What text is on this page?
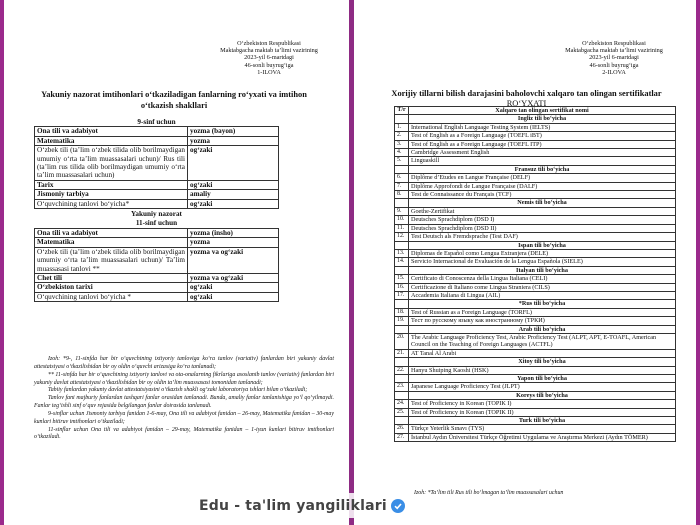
O‘zbekiston Respublikasi
Maktabgacha maktab ta’limi vazirining
2023-yil 6-martdagi
46-sonli buyrug‘iga
1-ILOVA
Yakuniy nazorat imtihonlari o‘tkaziladigan fanlarning ro‘yxati va imtihon o‘tkazish shakllari
9-sinf uchun	
Ona tili va adabiyot	yozma (bayon)
Matematika	yozma
O‘zbek tili (ta’lim o‘zbek tilida olib borilmaydigan umumiy o‘rta ta’lim muassasalari uchun)/ Rus tili (ta’lim rus tilida olib borilmaydigan umumiy o‘rta ta’lim muassasalari uchun)	og‘zaki
Tarix	og‘zaki
Jismoniy tarbiya	amaliy
O‘quvchining tanlovi bo‘yicha*	og‘zaki
Yakuniy nazorat	
11-sinf uchun	
Ona tili va adabiyot	yozma (insho)
Matematika	yozma
O‘zbek tili (ta’lim o‘zbek tilida olib borilmaydigan umumiy o‘rta ta’lim muassasalari uchun)/ Ta’lim muassasasi tanlovi **	yozma va og‘zaki
Chet tili	yozma va og‘zaki
O‘zbekiston tarixi	og‘zaki
O‘quvchining tanlovi bo‘yicha *	og‘zaki

Izoh: *9-, 11-sinfda har bir o‘quvchining ixtiyoriy tanloviga ko‘ra tanlov (variativ) fanlardan biri yakuniy davlat attestatsiyasi o‘tkazilishidan bir oy oldin o‘quvchi arizasiga ko‘ra tanlanadi;

** 11-sinfda har bir o‘quvchining ixtiyoriy tanlovi va ota-onalarning fikrlariga asoslanib tanlov (variativ) fanlardan biri yakuniy davlat attestatsiyasi o‘tkazilishidan bir oy oldin ta’lim muassasasi tomonidan tanlanadi;

Tabiiy fanlardan yakuniy davlat attestatsiyasini o‘tkazish shakli og‘zaki laboratoriya ishlari bilan o‘tkaziladi;

Tanlov fani majburiy fanlardan tashqari fanlar orasidan tanlanadi. Bunda, amaliy fanlar tanlanishiga yo‘l qo‘yilmaydi. Fanlar teg‘ishli sinf o‘quv rejasida belgilangan fanlar doirasida tanlanadi.

9-sinflar uchun Jismoniy tarbiya fanidan 1-6-may, Ona tili va adabiyot fanidan – 26-may, Matematika fanidan – 30-may kunlari bitiruv imtihonlari o‘tkaziladi;

11-sinflar uchun Ona tili va adabiyot fanidan – 29-may, Matematika fanidan – 1-iyun kunlari bitiruv imtihonlari o‘tkaziladi.

O‘zbekiston Respublikasi
Maktabgacha maktab ta’limi vazirining
2023-yil 6-martdagi
46-sonli buyrug‘iga
2-ILOVA
Xorijiy tillarni bilish darajasini baholovchi xalqaro tan olingan sertifikatlar
RO‘YXATI
T/r	Xalqaro tan olingan sertifikat nomi
	Ingliz tili bo‘yicha
1.	International English Language Testing System (IELTS)
2.	Test of English as a Foreign Language (TOEFL iBT)
3.	Test of English as a Foreign Language (TOEFL ITP)
4.	Cambridge Assessment English
5.	Linguaskill
	Fransuz tili bo‘yicha
6.	Diplôme d’Etudes en Langue Française (DELF)
7.	Diplôme Approfondi de Langue Française (DALF)
8.	Test de Connaissance du Français (TCF)
	Nemis tili bo‘yicha
9.	Goethe-Zertifikat
10.	Deutsches Sprachdiplom (DSD I)
11.	Deutsches Sprachdiplom (DSD II)
12.	Test Deutsch als Fremdsprache (Test DAF)
	Ispan tili bo‘yicha
13.	Diplomas de Español como Lengua Extranjera (DELE)
14.	Servicio Internacional de Evaluación de la Lengua Española (SIELE)
	Italyan tili bo‘yicha
15.	Certificato di Conoscenza della Lingua Italiana (CELI)
16.	Certificazione di Italiano come Lingua Straniera (CILS)
17.	Accademia Italiana di Lingua (AIL)
	*Rus tili bo‘yicha
18.	Test of Russian as a Foreign Language (TORFL)
19.	Тест по русскому языку как иностранному (ТРКИ)
	Arab tili bo‘yicha
20.	The Arabic Language Proficiency Test, Arabic Proficiency Test (ALPT, APT, E-TOAFL, American Council on the Teaching of Foreign Languages (ACTFL)
21.	AT Tanal Al Arabi
	Xitoy tili bo‘yicha
22.	Hanyu Shuiping Kaoshi (HSK)
	Yapon tili bo‘yicha
23.	Japanese Language Proficiency Test (JLPT)
	Koreys tili bo‘yicha
24.	Test of Proficiency in Korean (TOPIK I)
25.	Test of Proficiency in Korean (TOPIK II)
	Turk tili bo‘yicha
26.	Türkçe Yeterlik Sınavı (TYS)
27.	İstanbul Aydın Üniversitesi Türkçe Öğretimi Uygulama ve Araştırma Merkezi (Aydın TÖMER)
Izoh: *Ta’lim tili Rus tili bo‘lmagan ta’lim muassasalari uchun
Edu - ta'lim yangiliklari
